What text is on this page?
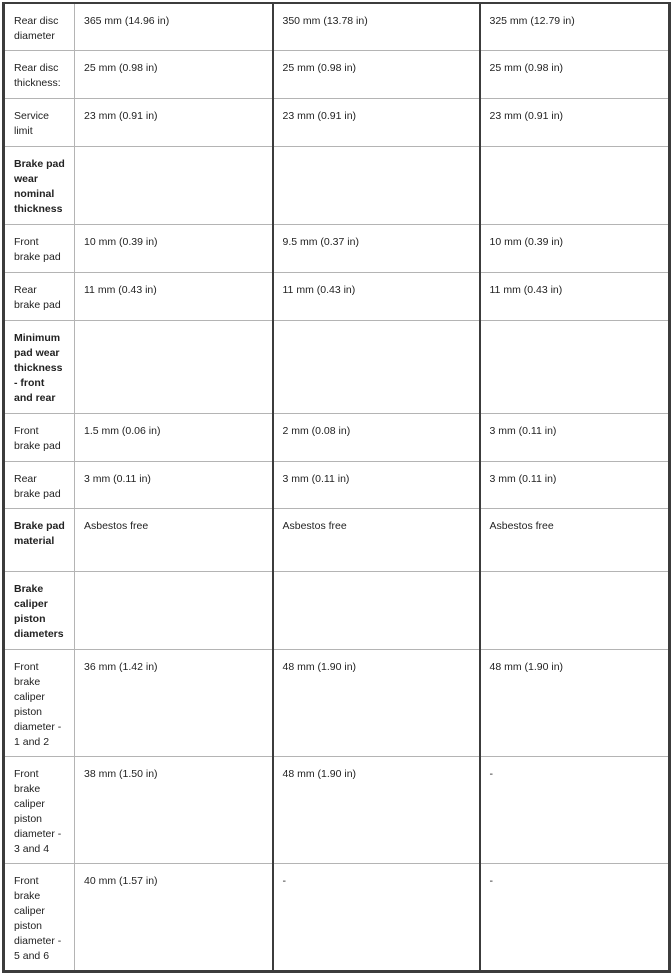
Rear disc diameter	365 mm (14.96 in)	350 mm (13.78 in)	325 mm (12.79 in)
Rear disc thickness:	25 mm (0.98 in)	25 mm (0.98 in)	25 mm (0.98 in)
Service limit	23 mm (0.91 in)	23 mm (0.91 in)	23 mm (0.91 in)
Brake pad wear nominal thickness			
Front brake pad	10 mm (0.39 in)	9.5 mm (0.37 in)	10 mm (0.39 in)
Rear brake pad	11 mm (0.43 in)	11 mm (0.43 in)	11 mm (0.43 in)
Minimum pad wear thickness - front and rear			
Front brake pad	1.5 mm (0.06 in)	2 mm (0.08 in)	3 mm (0.11 in)
Rear brake pad	3 mm (0.11 in)	3 mm (0.11 in)	3 mm (0.11 in)
Brake pad material	Asbestos free	Asbestos free	Asbestos free
Brake caliper piston diameters			
Front brake caliper piston diameter - 1 and 2	36 mm (1.42 in)	48 mm (1.90 in)	48 mm (1.90 in)
Front brake caliper piston diameter - 3 and 4	38 mm (1.50 in)	48 mm (1.90 in)	-
Front brake caliper piston diameter - 5 and 6	40 mm (1.57 in)	-	-
